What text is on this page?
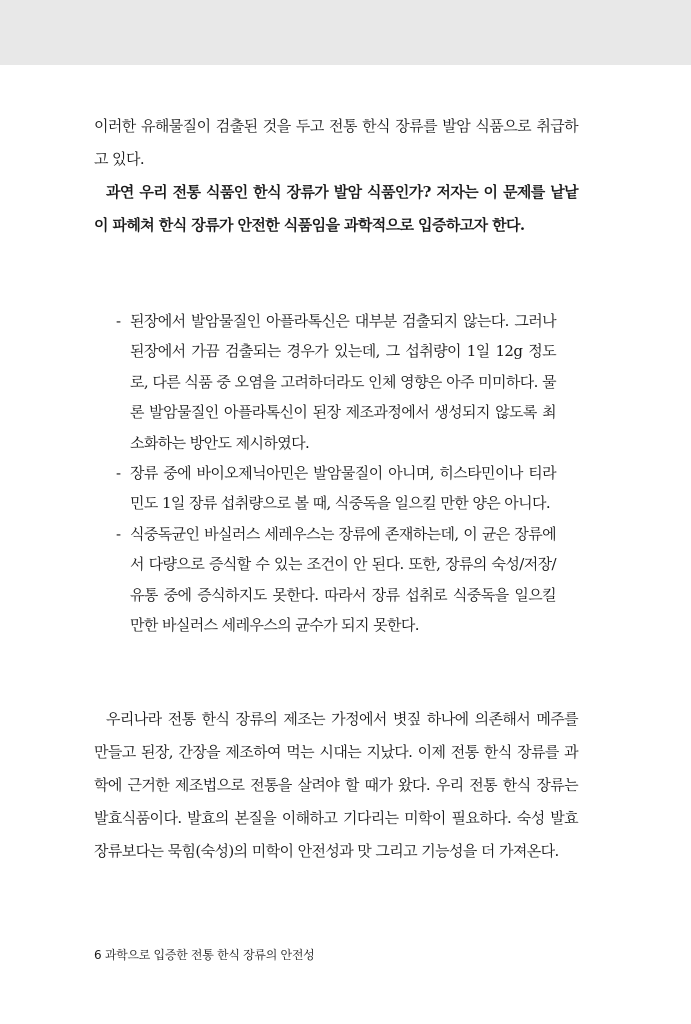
이러한 유해물질이 검출된 것을 두고 전통 한식 장류를 발암 식품으로 취급하고 있다.

과연 우리 전통 식품인 한식 장류가 발암 식품인가? 저자는 이 문제를 낱낱이 파헤쳐 한식 장류가 안전한 식품임을 과학적으로 입증하고자 한다.

- 된장에서 발암물질인 아플라톡신은 대부분 검출되지 않는다. 그러나 된장에서 가끔 검출되는 경우가 있는데, 그 섭취량이 1일 12g 정도로, 다른 식품 중 오염을 고려하더라도 인체 영향은 아주 미미하다. 물론 발암물질인 아플라톡신이 된장 제조과정에서 생성되지 않도록 최소화하는 방안도 제시하였다.
- 장류 중에 바이오제닉아민은 발암물질이 아니며, 히스타민이나 티라민도 1일 장류 섭취량으로 볼 때, 식중독을 일으킬 만한 양은 아니다.
- 식중독균인 바실러스 세레우스는 장류에 존재하는데, 이 균은 장류에서 다량으로 증식할 수 있는 조건이 안 된다. 또한, 장류의 숙성/저장/유통 중에 증식하지도 못한다. 따라서 장류 섭취로 식중독을 일으킬만한 바실러스 세레우스의 균수가 되지 못한다.

우리나라 전통 한식 장류의 제조는 가정에서 볏짚 하나에 의존해서 메주를 만들고 된장, 간장을 제조하여 먹는 시대는 지났다. 이제 전통 한식 장류를 과학에 근거한 제조법으로 전통을 살려야 할 때가 왔다. 우리 전통 한식 장류는 발효식품이다. 발효의 본질을 이해하고 기다리는 미학이 필요하다. 숙성 발효 장류보다는 묵힘(숙성)의 미학이 안전성과 맛 그리고 기능성을 더 가져온다.

6 과학으로 입증한 전통 한식 장류의 안전성
